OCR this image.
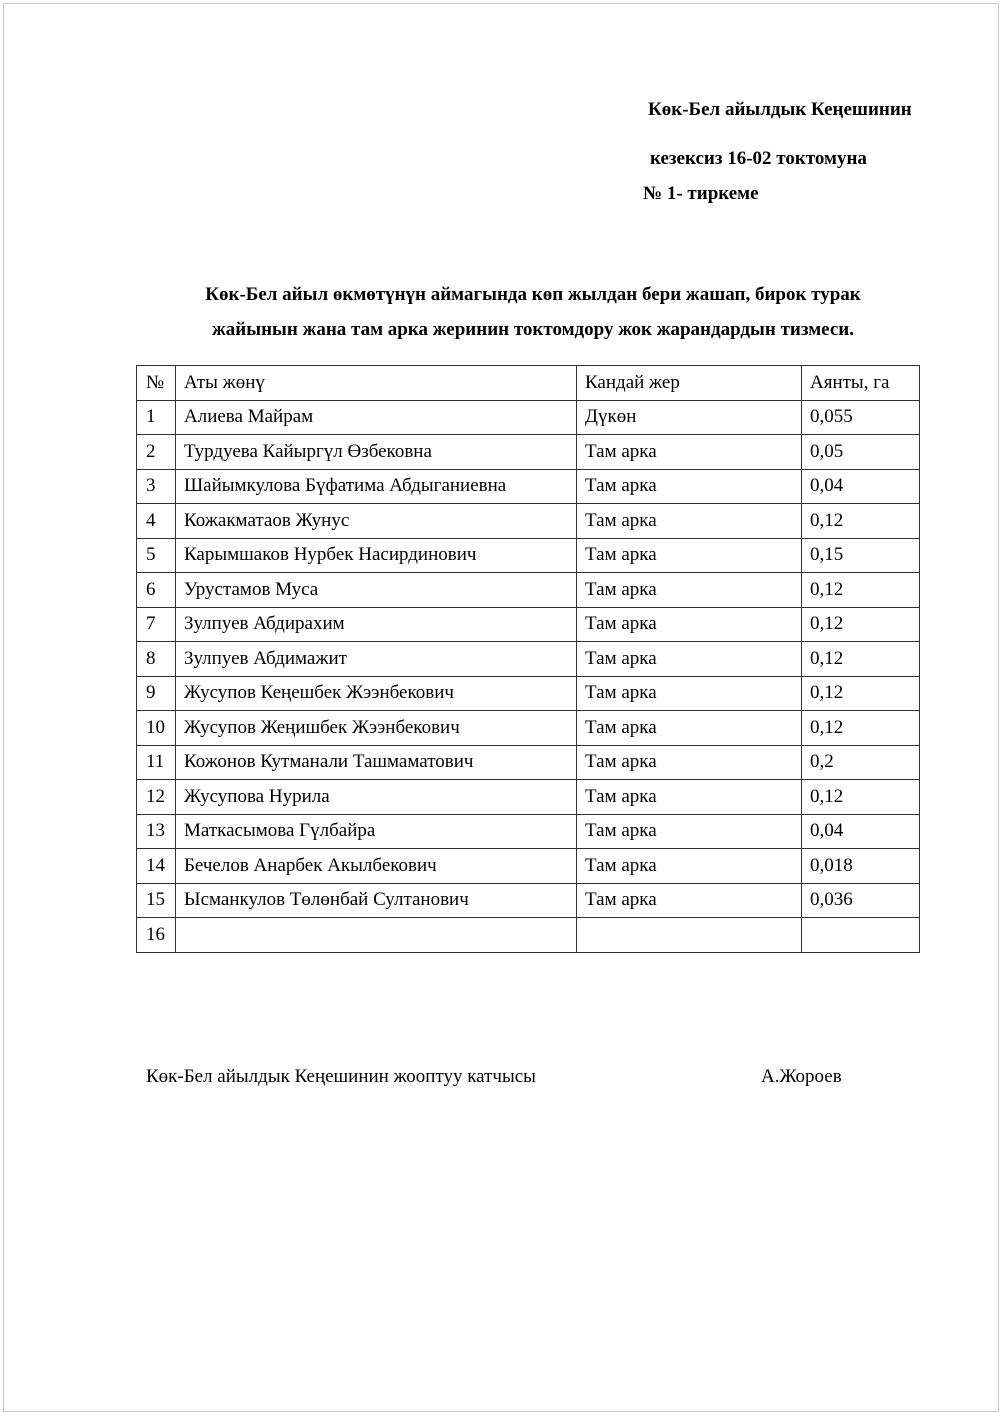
Көк-Бел айылдык Кеңешинин
кезексиз 16-02 токтомуна
№ 1- тиркеме
Көк-Бел айыл өкмөтүнүн аймагында көп жылдан бери жашап, бирок турак
жайынын жана там арка жеринин токтомдору жок жарандардын тизмеси.
№	Аты жөнү	Кандай жер	Аянты, га
1	Алиева Майрам	Дүкөн	0,055
2	Турдуева Кайыргүл Өзбековна	Там арка	0,05
3	Шайымкулова Бүфатима Абдыганиевна	Там арка	0,04
4	Кожакматаов Жунус	Там арка	0,12
5	Карымшаков Нурбек Насирдинович	Там арка	0,15
6	Урустамов Муса	Там арка	0,12
7	Зулпуев Абдирахим	Там арка	0,12
8	Зулпуев Абдимажит	Там арка	0,12
9	Жусупов Кеңешбек Жээнбекович	Там арка	0,12
10	Жусупов Жеңишбек Жээнбекович	Там арка	0,12
11	Кожонов Кутманали Ташмаматович	Там арка	0,2
12	Жусупова Нурила	Там арка	0,12
13	Маткасымова Гүлбайра	Там арка	0,04
14	Бечелов Анарбек Акылбекович	Там арка	0,018
15	Ысманкулов Төлөнбай Султанович	Там арка	0,036
16			
Көк-Бел айылдык Кеңешинин жооптуу катчысы	А.Жороев
